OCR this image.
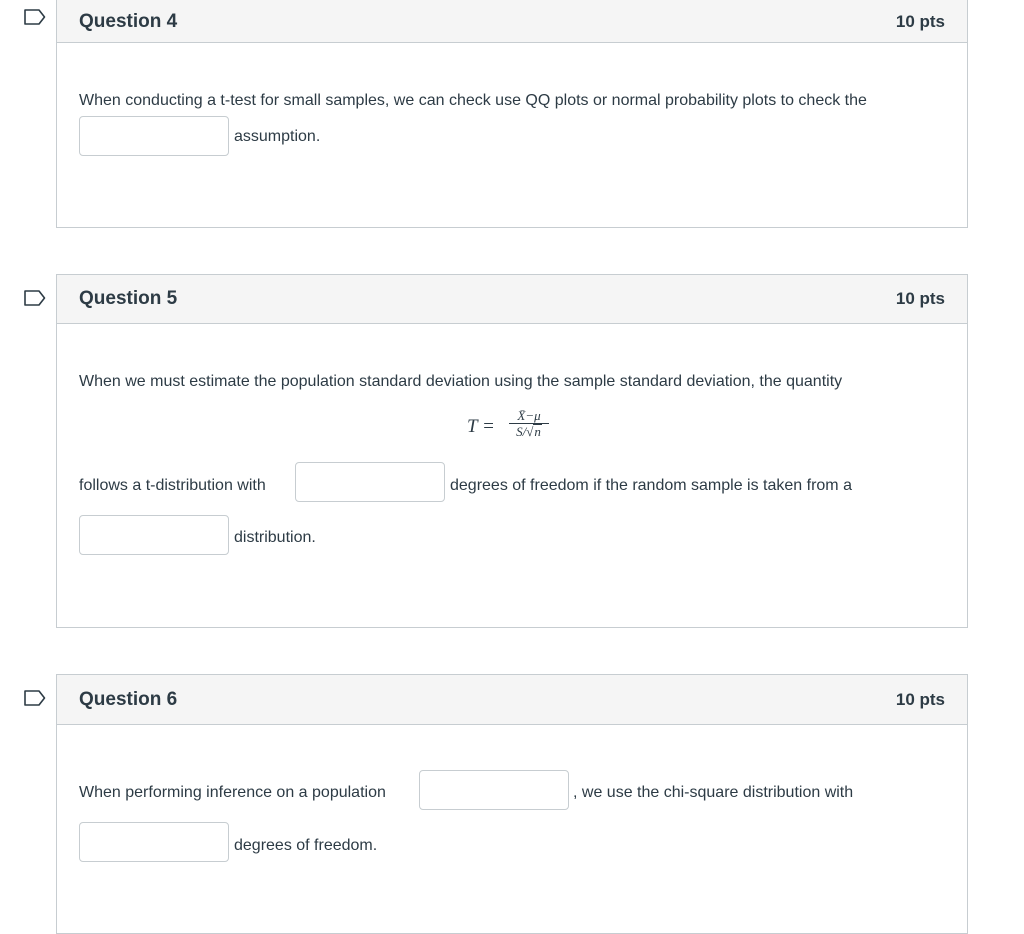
Question 4	10 pts
When conducting a t-test for small samples, we can check use QQ plots or normal probability plots to check the
assumption.
Question 5	10 pts
When we must estimate the population standard deviation using the sample standard deviation, the quantity
T =
X̄−μ
S/√n
follows a t-distribution with	degrees of freedom if the random sample is taken from a
distribution.
Question 6	10 pts
When performing inference on a population	, we use the chi-square distribution with
degrees of freedom.
